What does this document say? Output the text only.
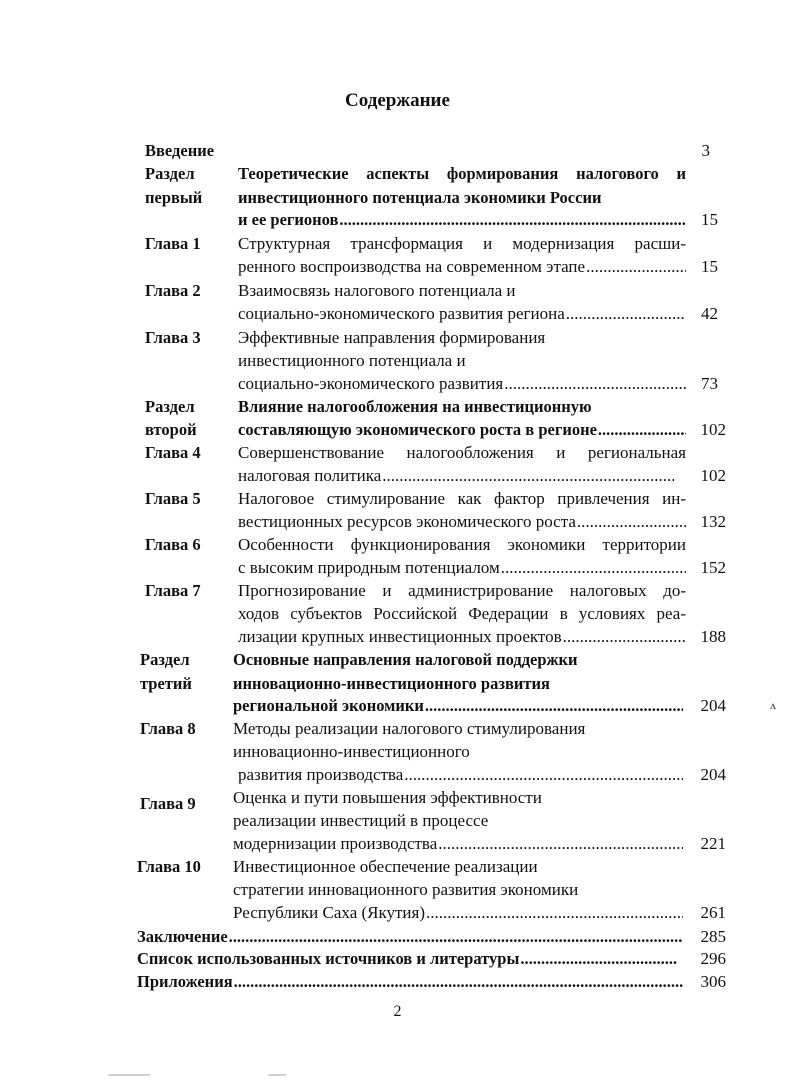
Содержание
Введение	3
Раздел
первый
Теоретические аспекты формирования налогового и
инвестиционного потенциала экономики России
и ее регионов .....	15
Глава 1 Структурная трансформация и модернизация расши-
ренного воспроизводства на современном этапе .....	15
Глава 2 Взаимосвязь налогового потенциала и
социально-экономического развития региона .....	42
Глава 3 Эффективные направления формирования
инвестиционного потенциала и
социально-экономического развития .....	73
Раздел
второй
Влияние налогообложения на инвестиционную
составляющую экономического роста в регионе .....	102
Глава 4 Совершенствование налогообложения и региональная
налоговая политика .....	102
Глава 5 Налоговое стимулирование как фактор привлечения ин-
вестиционных ресурсов экономического роста .....	132
Глава 6 Особенности функционирования экономики территории
с высоким природным потенциалом .....	152
Глава 7 Прогнозирование и администрирование налоговых до-
ходов субъектов Российской Федерации в условиях реа-
лизации крупных инвестиционных проектов .....	188
Раздел
третий
Основные направления налоговой поддержки
инновационно-инвестиционного развития
региональной экономики .....	204
Глава 8 Методы реализации налогового стимулирования
инновационно-инвестиционного
развития производства .....	204
Глава 9 Оценка и пути повышения эффективности
реализации инвестиций в процессе
модернизации производства .....	221
Глава 10 Инвестиционное обеспечение реализации
стратегии инновационного развития экономики
Республики Саха (Якутия) .....	261
Заключение .....	285
Список использованных источников и литературы .....	296
Приложения .....	306
ʌ
2
